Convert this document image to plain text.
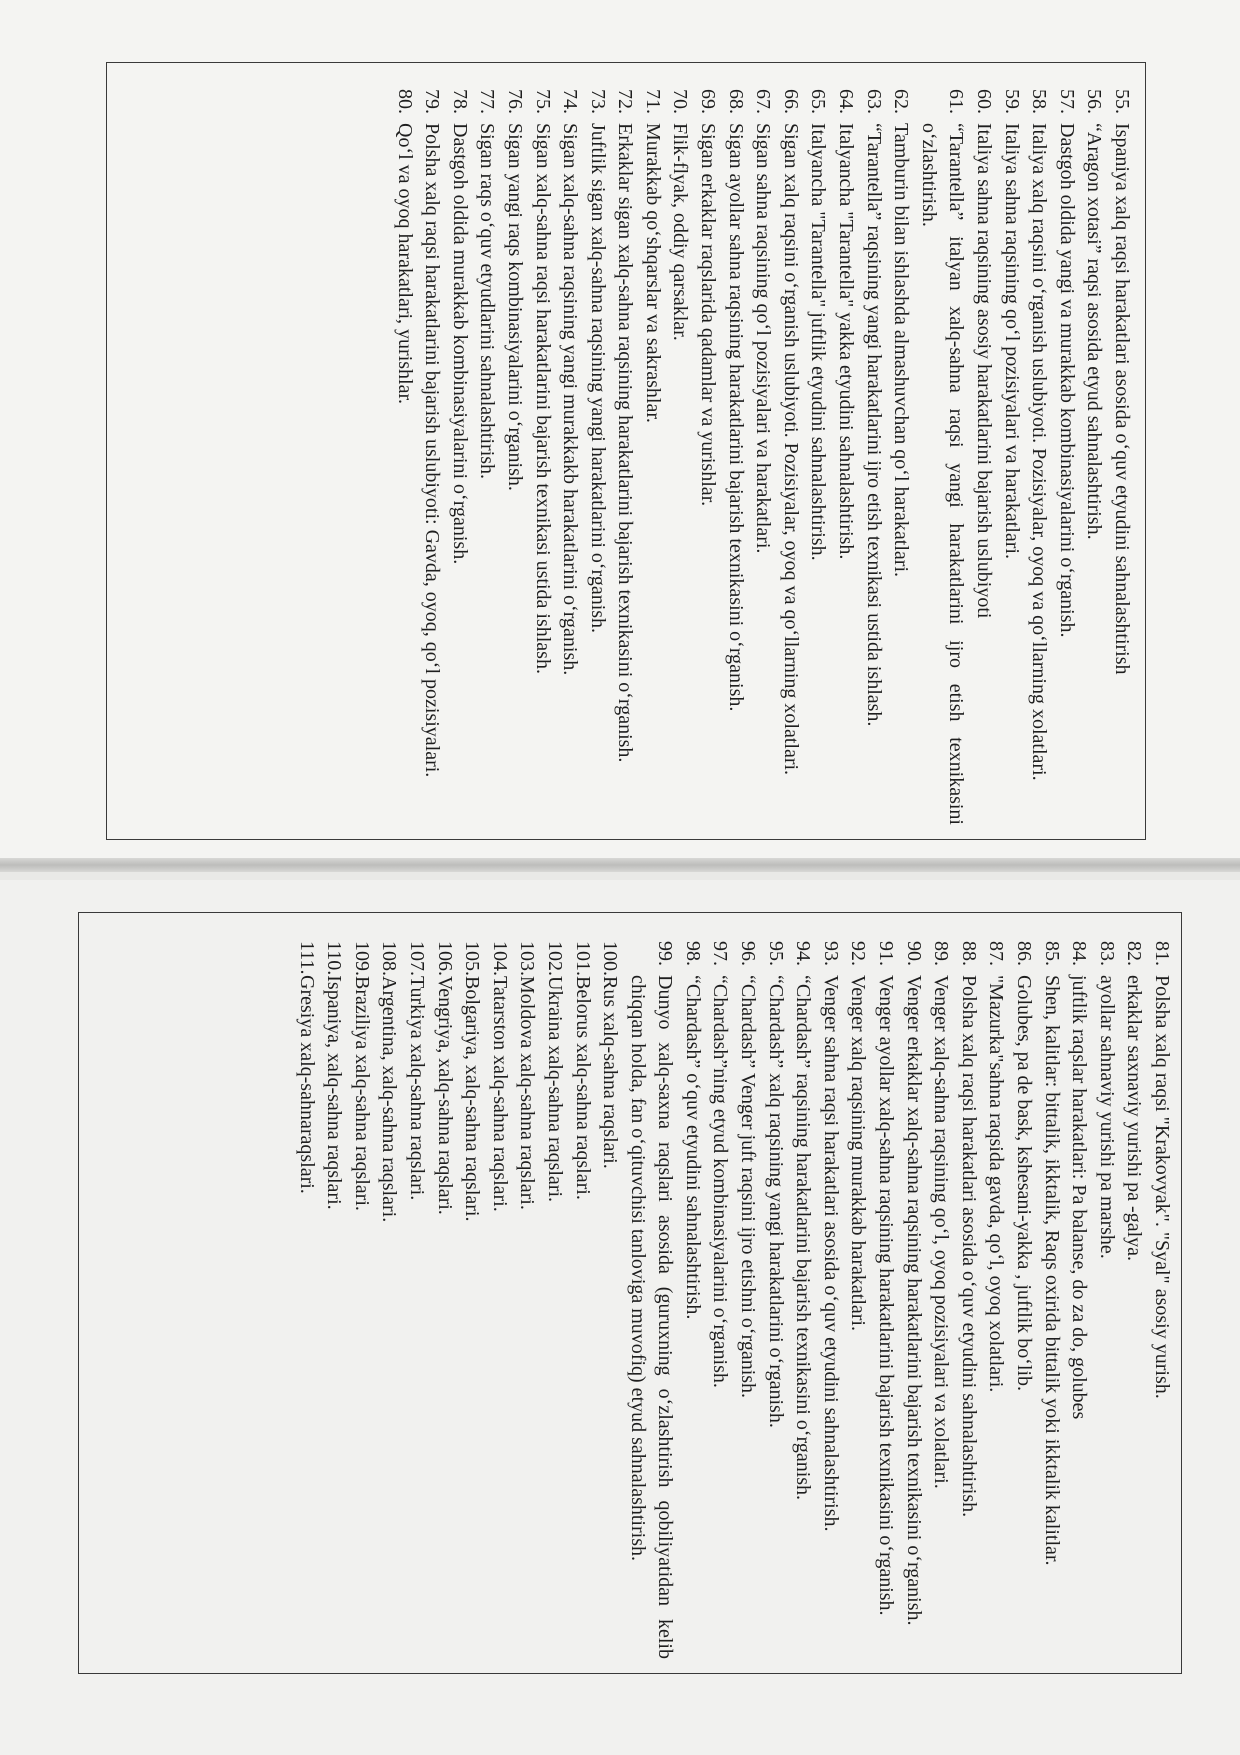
55.
Ispaniya xalq raqsi harakatlari asosida o‘quv etyudini sahnalashtirish
56.
“Aragon xotasi” raqsi asosida etyud sahnalashtirish.
57.
Dastgoh oldida yangi va murakkab kombinasiyalarini o‘rganish.
58.
Italiya xalq raqsini o‘rganish uslubiyoti. Pozisiyalar, oyoq va qo‘llarning xolatlari.
59.
Italiya sahna raqsining qo‘l pozisiyalari va harakatlari.
60.
Italiya sahna raqsining asosiy harakatlarini bajarish uslubiyoti
61.
“Tarantella” italyan xalq-sahna raqsi yangi harakatlarini ijro etish texnikasini o‘zlashtirish.
62.
Tamburin bilan ishlashda almashuvchan qo‘l harakatlari.
63.
“Tarantella” raqsining yangi harakatlarini ijro etish texnikasi ustida ishlash.
64.
Italyancha "Tarantella" yakka etyudini sahnalashtirish.
65.
Italyancha "Tarantella" juftlik etyudini sahnalashtirish.
66.
Sigan xalq raqsini o‘rganish uslubiyoti. Pozisiyalar, oyoq va qo‘llarning xolatlari.
67.
Sigan sahna raqsining qo‘l pozisiyalari va harakatlari.
68.
Sigan ayollar sahna raqsining harakatlarini bajarish texnikasini o‘rganish.
69.
Sigan erkaklar raqslarida qadamlar va yurishlar.
70.
Flik-flyak, oddiy qarsaklar.
71.
Murakkab qo‘shqarslar va sakrashlar.
72.
Erkaklar sigan xalq-sahna raqsining harakatlarini bajarish texnikasini o‘rganish.
73.
Juftlik sigan xalq-sahna raqsining yangi harakatlarini o‘rganish.
74.
Sigan xalq-sahna raqsining yangi murakkakb harakatlarini o‘rganish.
75.
Sigan xalq-sahna raqsi harakatlarini bajarish texnikasi ustida ishlash.
76.
Sigan yangi raqs kombinasiyalarini o‘rganish.
77.
Sigan raqs o‘quv etyudlarini sahnalashtirish.
78.
Dastgoh oldida murakkab kombinasiyalarini o‘rganish.
79.
Polsha xalq raqsi harakatlarini bajarish uslubiyoti: Gavda, oyoq, qo‘l pozisiyalari.
80.
Qo‘l va oyoq harakatlari, yurishlar.
81.
Polsha xalq raqsi "Krakovyak". "Syal" asosiy yurish.
82.
erkaklar saxnaviy yurishi pa -galya.
83.
ayollar sahnaviy yurishi pa marshe.
84.
juftlik raqslar harakatlari: Pa balanse, do za do, golubes
85.
Shen, kalitlar: bittalik, ikktalik, Raqs oxirida bittalik yoki ikktalik kalitlar.
86.
Golubes, pa de bask, kshesani-yakka , juftlik bo‘lib.
87.
"Mazurka"sahna raqsida gavda, qo‘l, oyoq xolatlari.
88.
Polsha xalq raqsi harakatlari asosida o‘quv etyudini sahnalashtirish.
89.
Venger xalq-sahna raqsining qo‘l, oyoq pozisiyalari va xolatlari.
90.
Venger erkaklar xalq-sahna raqsining harakatlarini bajarish texnikasini o‘rganish.
91.
Venger ayollar xalq-sahna raqsining harakatlarini bajarish texnikasini o‘rganish.
92.
Venger xalq raqsining murakkab harakatlari.
93.
Venger sahna raqsi harakatlari asosida o‘quv etyudini sahnalashtirish.
94.
“Chardash” raqsining harakatlarini bajarish texnikasini o‘rganish.
95.
“Chardash” xalq raqsining yangi harakatlarini o‘rganish.
96.
“Chardash” Venger juft raqsini ijro etishni o‘rganish.
97.
“Chardash”ning etyud kombinasiyalarini o‘rganish.
98.
“Chardash” o‘quv etyudini sahnalashtirish.
99.
Dunyo xalq-saxna raqslari asosida (guruxning o‘zlashtirish qobiliyatidan kelib chiqqan holda, fan o‘qituvchisi tanloviga muvofiq) etyud sahnalashtirish.
100.
Rus xalq-sahna raqslari.
101.
Belorus xalq-sahna raqslari.
102.
Ukraina xalq-sahna raqslari.
103.
Moldova xalq-sahna raqslari.
104.
Tatarston xalq-sahna raqslari.
105.
Bolgariya, xalq-sahna raqslari.
106.
Vengriya, xalq-sahna raqslari.
107.
Turkiya xalq-sahna raqslari.
108.
Argentina, xalq-sahna raqslari.
109.
Braziliya xalq-sahna raqslari.
110.
Ispaniya, xalq-sahna raqslari.
111.
Gresiya xalq-sahnaraqslari.
